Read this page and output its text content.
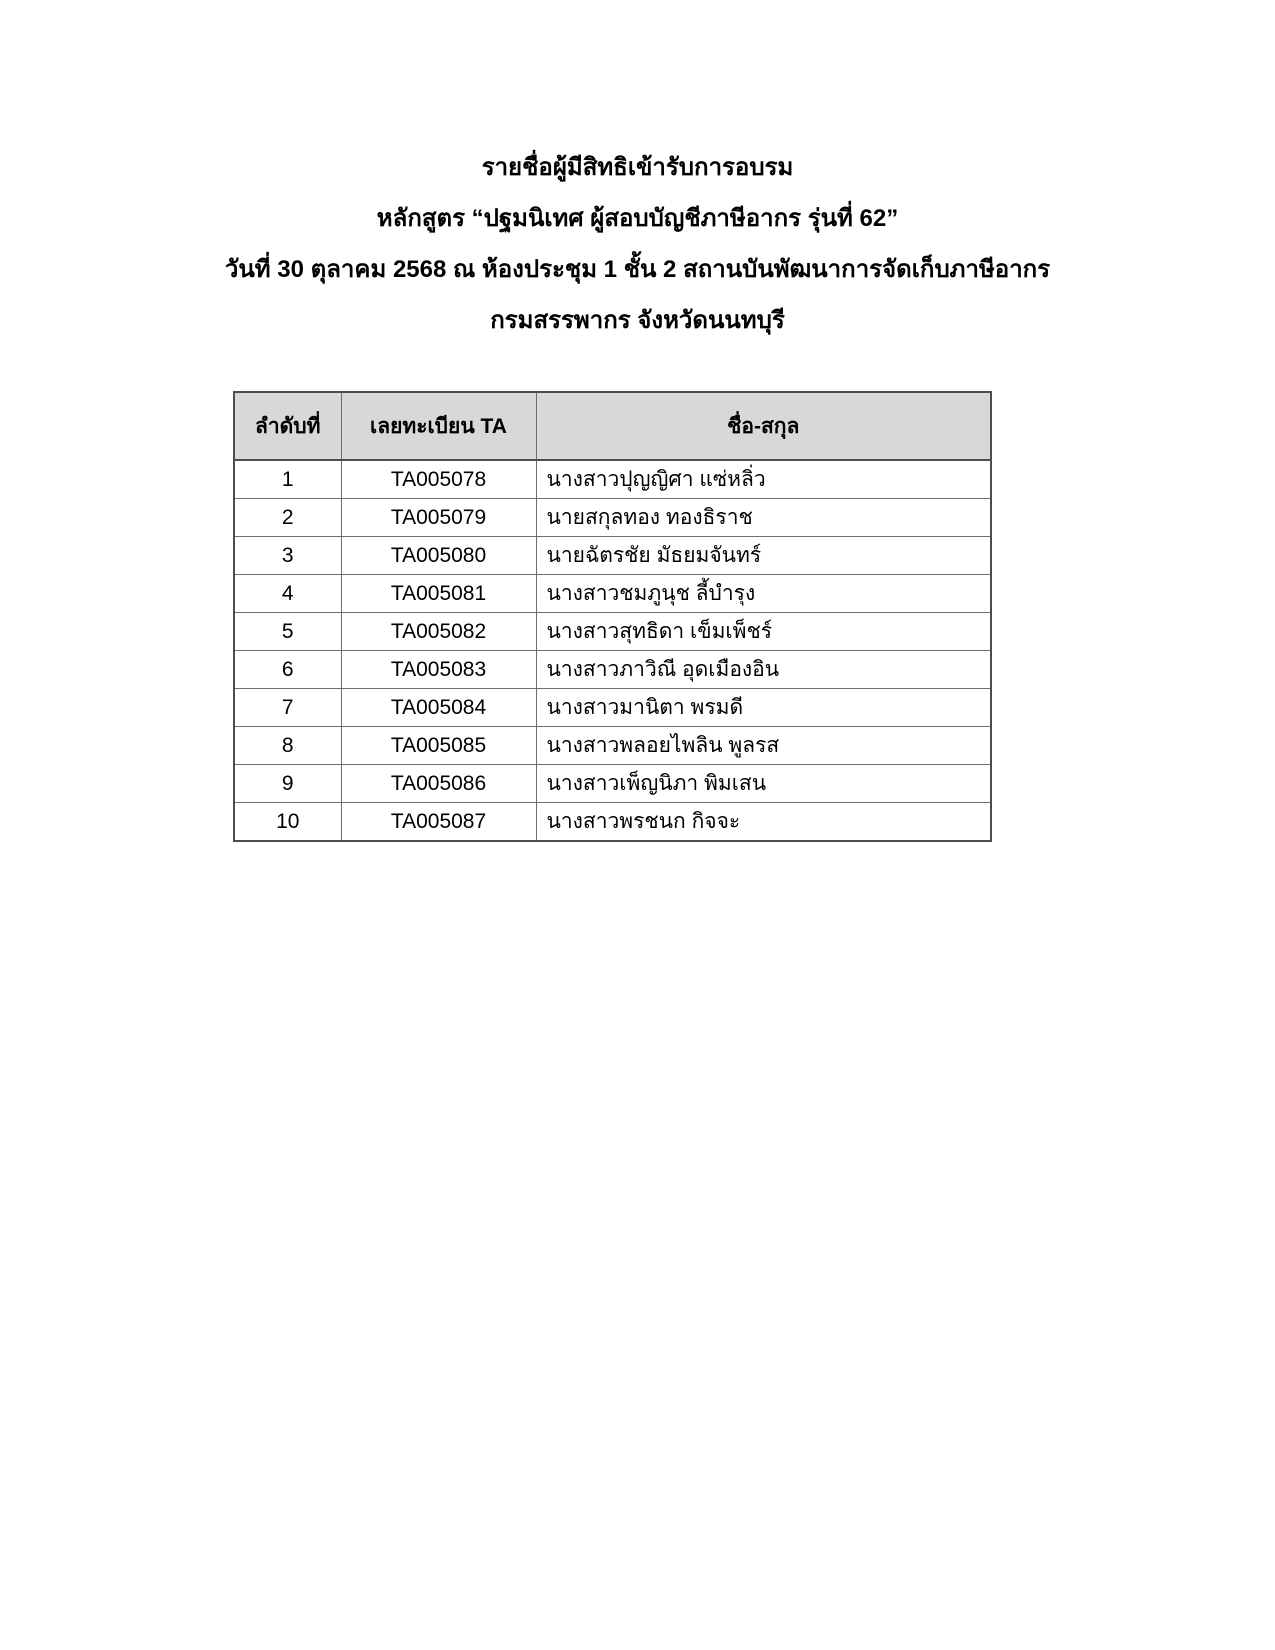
รายชื่อผู้มีสิทธิเข้ารับการอบรม
หลักสูตร “ปฐมนิเทศ ผู้สอบบัญชีภาษีอากร รุ่นที่ 62”
วันที่ 30 ตุลาคม 2568 ณ ห้องประชุม 1 ชั้น 2 สถานบันพัฒนาการจัดเก็บภาษีอากร
กรมสรรพากร จังหวัดนนทบุรี
ลำดับที่	เลยทะเบียน TA	ชื่อ-สกุล
1	TA005078	นางสาวปุญญิศา แซ่หลิ่ว
2	TA005079	นายสกุลทอง ทองธิราช
3	TA005080	นายฉัตรชัย มัธยมจันทร์
4	TA005081	นางสาวชมภูนุช ลี้บำรุง
5	TA005082	นางสาวสุทธิดา เข็มเพ็ชร์
6	TA005083	นางสาวภาวิณี อุดเมืองอิน
7	TA005084	นางสาวมานิตา พรมดี
8	TA005085	นางสาวพลอยไพลิน พูลรส
9	TA005086	นางสาวเพ็ญนิภา พิมเสน
10	TA005087	นางสาวพรชนก กิจจะ
